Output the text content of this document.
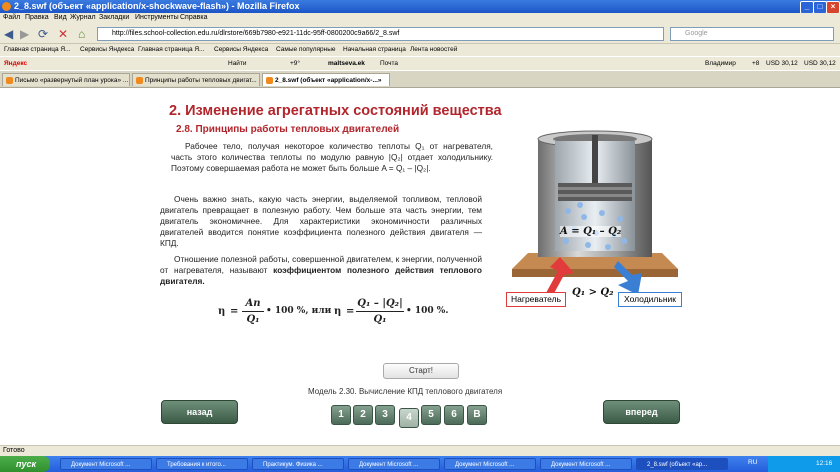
2_8.swf (объект «application/x-shockwave-flash») - Mozilla Firefox	_	□	×
Файл Правка Вид Журнал Закладки Инструменты Справка
◀ ▶ ⟳ ✕ ⌂	http://files.school-collection.edu.ru/dlrstore/669b7980-e921-11dc-95ff-0800200c9a66/2_8.swf	Google
Главная страница Я... Сервисы Яндекса Главная страница Я... Сервисы Яндекса Самые популярные Начальная страница Лента новостей
Яндекс	Найти	+9°	maltseva.ek Почта	Владимир +8 USD 30,12 USD 30,12
Письмо «развернутый план урока» ...	Принципы работы тепловых двигат...	2_8.swf (объект «application/x-...»
2. Изменение агрегатных состояний вещества
2.8. Принципы работы тепловых двигателей
Рабочее тело, получая некоторое количество теплоты Q₁ от нагревателя, часть этого количества теплоты по модулю равную |Q₂| отдает холодильнику. Поэтому совершаемая работа не может быть больше A = Q₁ – |Q₂|.
Очень важно знать, какую часть энергии, выделяемой топливом, тепловой двигатель превращает в полезную работу. Чем больше эта часть энергии, тем двигатель экономичнее. Для характеристики экономичности различных двигателей вводится понятие коэффициента полезного действия двигателя — КПД.
Отношение полезной работы, совершенной двигателем, к энергии, полученной от нагревателя, называют коэффициентом полезного действия теплового двигателя.
η =
Aп
Q₁
• 100 %, или η =
Q₁ – |Q₂|
Q₁
• 100 %.
A = Q₁ – Q₂
Q₁ > Q₂
Нагреватель	Холодильник
Старт!
Модель 2.30. Вычисление КПД теплового двигателя
назад	вперед
1	2	3	4	5	6	B
Готово
пуск	Документ Microsoft ...	Требования к итого...	Практикум. Физика ...	Документ Microsoft ...	Документ Microsoft ...	Документ Microsoft ...	2_8.swf (объект «ap...	RU	12:16
